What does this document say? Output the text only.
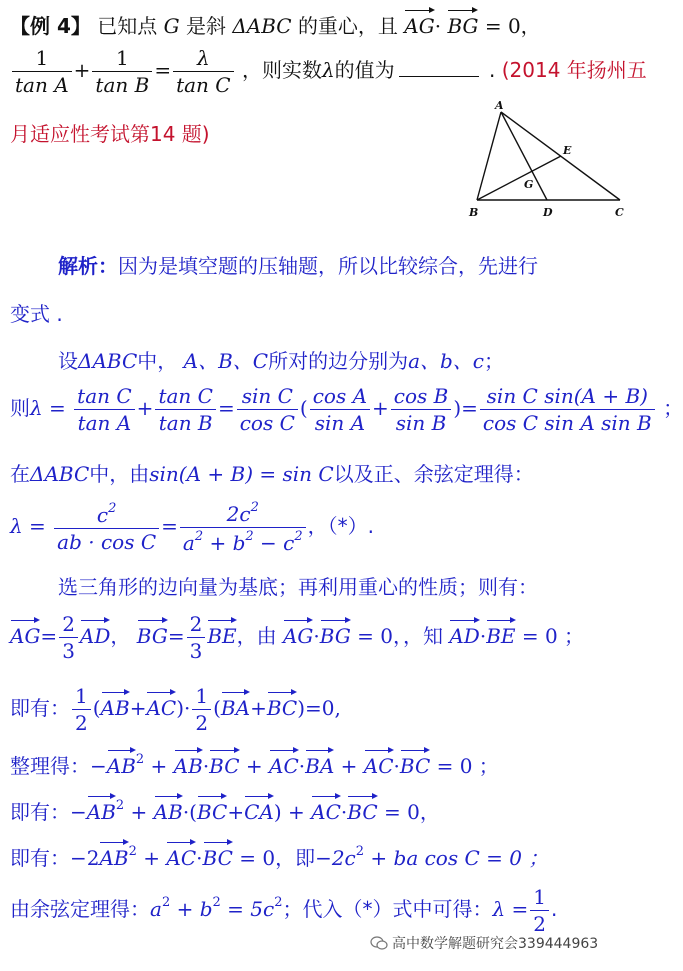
【例 4】 已知点 G 是斜 ΔABC 的重心，且 AG· BG = 0，
$\frac{1}{\text{tan A}} + \frac{1}{\text{tan B}} = \frac{\lambda}{\text{tan C}}$ ，则实数λ的值为	. (2014 年扬州五
月适应性考试第14 题)
A
B	C
D
E
G
解析：因为是填空题的压轴题，所以比较综合，先进行
变式 .
设ΔABC中， A、B、C所对的边分别为a、b、c；
则$\lambda = \frac{\text{tan C}}{\text{tan A}} + \frac{\text{tan C}}{\text{tan B}} = \frac{\text{sin C}}{\text{cos C}}$ ( $\frac{\text{cos A}}{\text{sin A}} + \frac{\text{cos B}}{\text{sin B}}$ )= $\frac{\text{sin C sin(A + B)}}{\text{cos C sin A sin B}}$ ；
在ΔABC中，由sin(A + B) = sin C以及正、余弦定理得：
$\lambda = \frac{c^2}{\text{ab · cos C}} = \frac{2c^2}{a^2 + b^2 - c^2}$ ，（*）.
选三角形的边向量为基底；再利用重心的性质；则有：
$AG= \frac{2}{3}$ AD， $BG= \frac{2}{3}$ BE，由 AG·BG = 0，，知 AD·BE = 0 ；
即有： $\frac{1}{2} (AB+AC)\cdot \frac{1}{2} (BA+BC)=0$,
整理得：$-AB^2 + AB\cdot BC + AC\cdot BA + AC\cdot BC = 0$ ；
即有：$-AB^2 + AB\cdot(BC+CA) + AC\cdot BC = 0$，
即有：$-2AB^2 + AC\cdot BC = 0$，即$-2c^2$ + ba cos C = 0 ；
由余弦定理得：$a^2 + b^2 = 5c^2$；代入（*）式中可得：$\lambda = \frac{1}{2}$ .
高中数学解题研究会339444963
